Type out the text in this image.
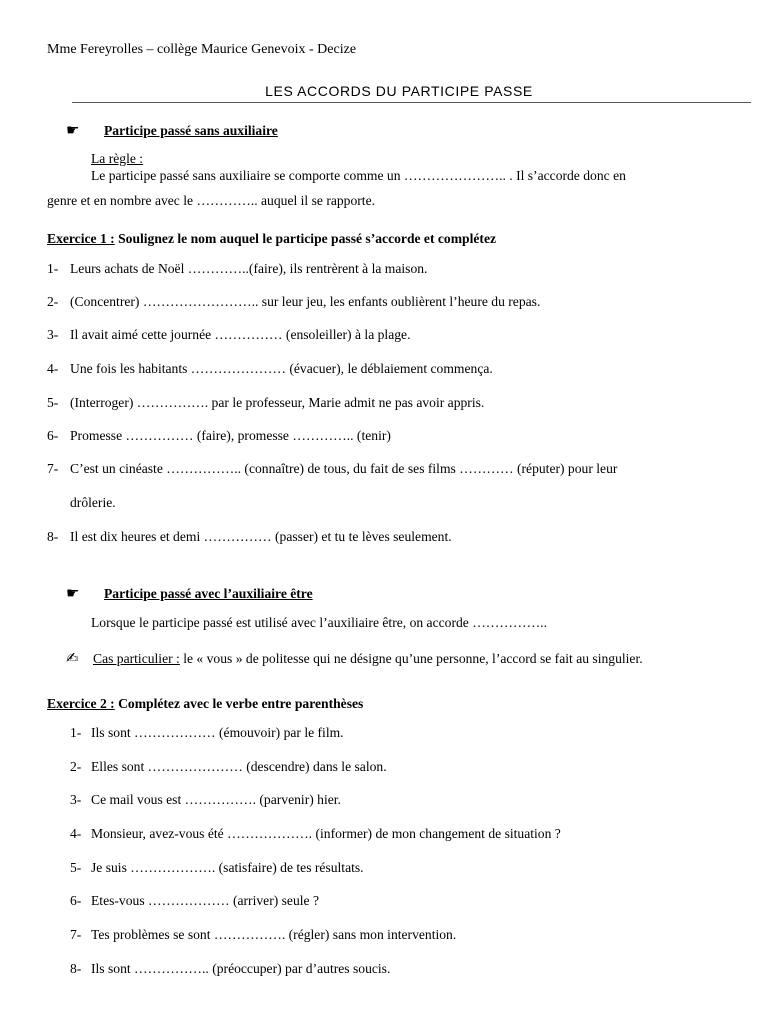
Mme Fereyrolles – collège Maurice Genevoix - Decize
LES ACCORDS DU PARTICIPE PASSE
☛ Participe passé sans auxiliaire
La règle :
Le participe passé sans auxiliaire se comporte comme un ………………….. . Il s’accorde donc en
genre et en nombre avec le ………….. auquel il se rapporte.
Exercice 1 : Soulignez le nom auquel le participe passé s’accorde et complétez
1- Leurs achats de Noël …………..(faire), ils rentrèrent à la maison.
2- (Concentrer) …………………….. sur leur jeu, les enfants oublièrent l’heure du repas.
3- Il avait aimé cette journée …………… (ensoleiller) à la plage.
4- Une fois les habitants ………………… (évacuer), le déblaiement commença.
5- (Interroger) ……………. par le professeur, Marie admit ne pas avoir appris.
6- Promesse …………… (faire), promesse ………….. (tenir)
7- C’est un cinéaste …………….. (connaître) de tous, du fait de ses films ………… (réputer) pour leur
drôlerie.
8- Il est dix heures et demi …………… (passer) et tu te lèves seulement.
☛ Participe passé avec l’auxiliaire être
Lorsque le participe passé est utilisé avec l’auxiliaire être, on accorde ……………..
✍ Cas particulier : le « vous » de politesse qui ne désigne qu’une personne, l’accord se fait au singulier.
Exercice 2 : Complétez avec le verbe entre parenthèses
1- Ils sont ……………… (émouvoir) par le film.
2- Elles sont ………………… (descendre) dans le salon.
3- Ce mail vous est ……………. (parvenir) hier.
4- Monsieur, avez-vous été ………………. (informer) de mon changement de situation ?
5- Je suis ………………. (satisfaire) de tes résultats.
6- Etes-vous ……………… (arriver) seule ?
7- Tes problèmes se sont ……………. (régler) sans mon intervention.
8- Ils sont …………….. (préoccuper) par d’autres soucis.
